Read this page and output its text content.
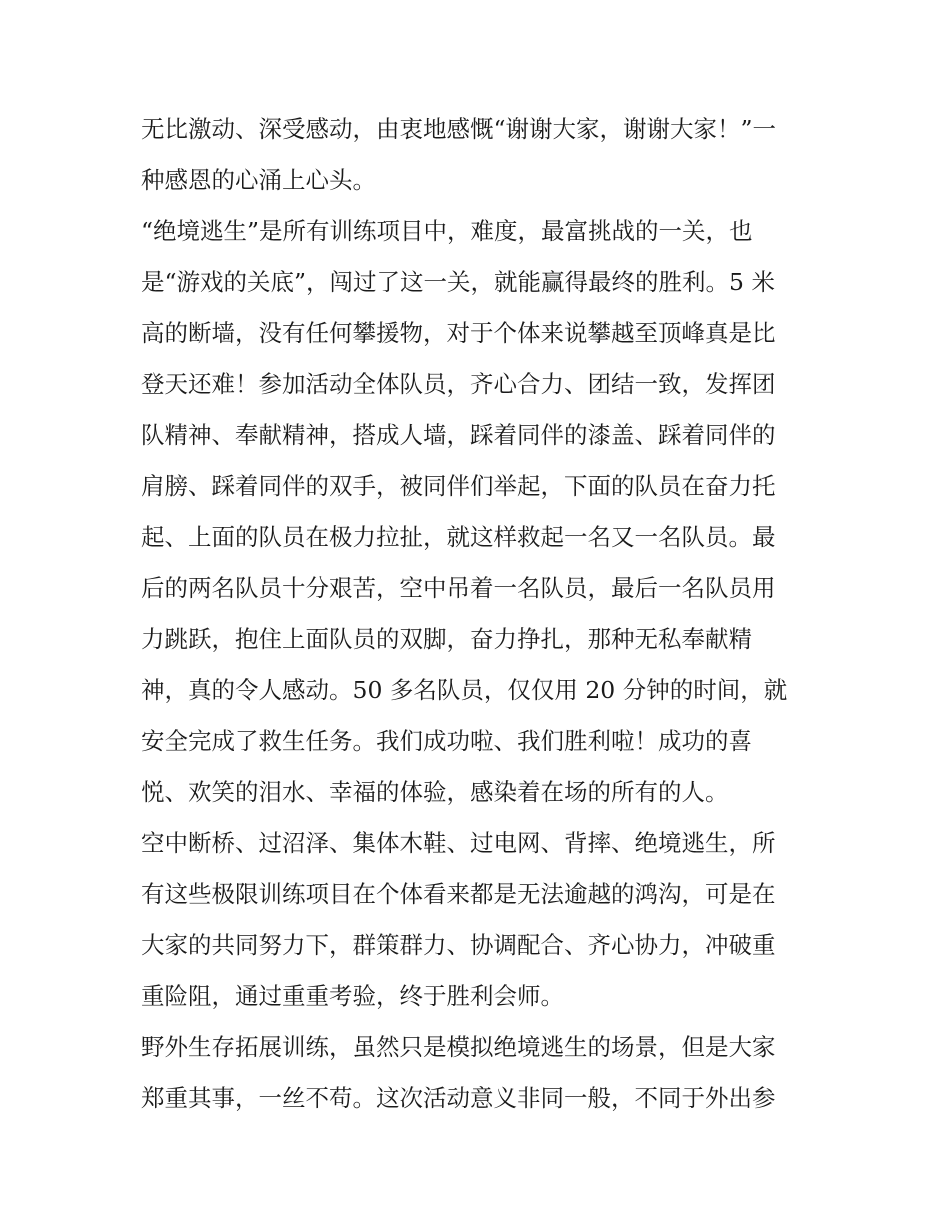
无比激动、深受感动，由衷地感慨“谢谢大家，谢谢大家！”一
种感恩的心涌上心头。
“绝境逃生”是所有训练项目中，难度，最富挑战的一关，也
是“游戏的关底”，闯过了这一关，就能赢得最终的胜利。5 米
高的断墙，没有任何攀援物，对于个体来说攀越至顶峰真是比
登天还难！参加活动全体队员，齐心合力、团结一致，发挥团
队精神、奉献精神，搭成人墙，踩着同伴的漆盖、踩着同伴的
肩膀、踩着同伴的双手，被同伴们举起，下面的队员在奋力托
起、上面的队员在极力拉扯，就这样救起一名又一名队员。最
后的两名队员十分艰苦，空中吊着一名队员，最后一名队员用
力跳跃，抱住上面队员的双脚，奋力挣扎，那种无私奉献精
神，真的令人感动。50 多名队员，仅仅用 20 分钟的时间，就
安全完成了救生任务。我们成功啦、我们胜利啦！成功的喜
悦、欢笑的泪水、幸福的体验，感染着在场的所有的人。
空中断桥、过沼泽、集体木鞋、过电网、背摔、绝境逃生，所
有这些极限训练项目在个体看来都是无法逾越的鸿沟，可是在
大家的共同努力下，群策群力、协调配合、齐心协力，冲破重
重险阻，通过重重考验，终于胜利会师。
野外生存拓展训练，虽然只是模拟绝境逃生的场景，但是大家
郑重其事，一丝不苟。这次活动意义非同一般，不同于外出参
